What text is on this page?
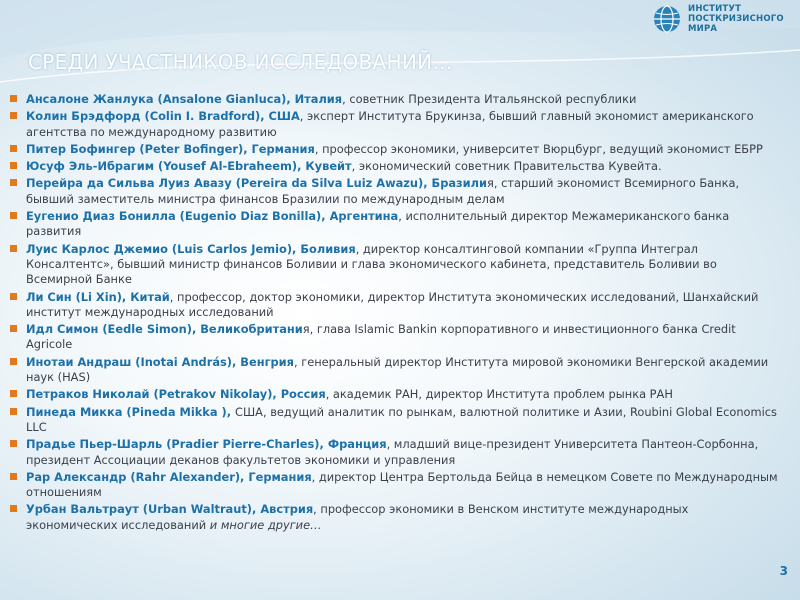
ИНСТИТУТ
ПОСТКРИЗИСНОГО
МИРА
СРЕДИ УЧАСТНИКОВ ИССЛЕДОВАНИЙ…
Ансалоне Жанлука (Ansalone Gianluca), Италия, советник Президента Итальянской республики
Колин Брэдфорд (Colin I. Bradford), США, эксперт Института Брукинза, бывший главный экономист американского агентства по международному развитию
Питер Бофингер (Peter Bofinger), Германия, профессор экономики, университет Вюрцбург, ведущий экономист ЕБРР
Юсуф Эль-Ибрагим (Yousef Al-Ebraheem), Кувейт, экономический советник Правительства Кувейта.
Перейра да Сильва Луиз Авазу (Pereira da Silva Luiz Awazu), Бразилия, старший экономист Всемирного Банка, бывший заместитель министра финансов Бразилии по международным делам
Еугенио Диаз Бонилла (Eugenio Diaz Bonilla), Аргентина, исполнительный директор Межамериканского банка развития
Луис Карлос Джемио (Luis Carlos Jemio), Боливия, директор консалтинговой компании «Группа Интеграл Консалтентс», бывший министр финансов Боливии и глава экономического кабинета, представитель Боливии во Всемирной Банке
Ли Син (Li Xin), Китай, профессор, доктор экономики, директор Института экономических исследований, Шанхайский институт международных исследований
Идл Симон (Eedle Simon), Великобритания, глава Islamic Bankin корпоративного и инвестиционного банка Credit Agricole
Инотаи Андраш (Inotai András), Венгрия, генеральный директор Института мировой экономики Венгерской академии наук (HAS)
Петраков Николай (Petrakov Nikolay), Россия, академик РАН, директор Института проблем рынка РАН
Пинеда Микка (Pineda Mikka ), США, ведущий аналитик по рынкам, валютной политике и Азии, Roubini Global Economics LLC
Прадье Пьер-Шарль (Pradier Pierre-Charles), Франция, младший вице-президент Университета Пантеон-Сорбонна, президент Ассоциации деканов факультетов экономики и управления
Рар Александр (Rahr Alexander), Германия, директор Центра Бертольда Бейца в немецком Совете по Международным отношениям
Урбан Вальтраут (Urban Waltraut), Австрия, профессор экономики в Венском институте международных экономических исследований и многие другие…
3
